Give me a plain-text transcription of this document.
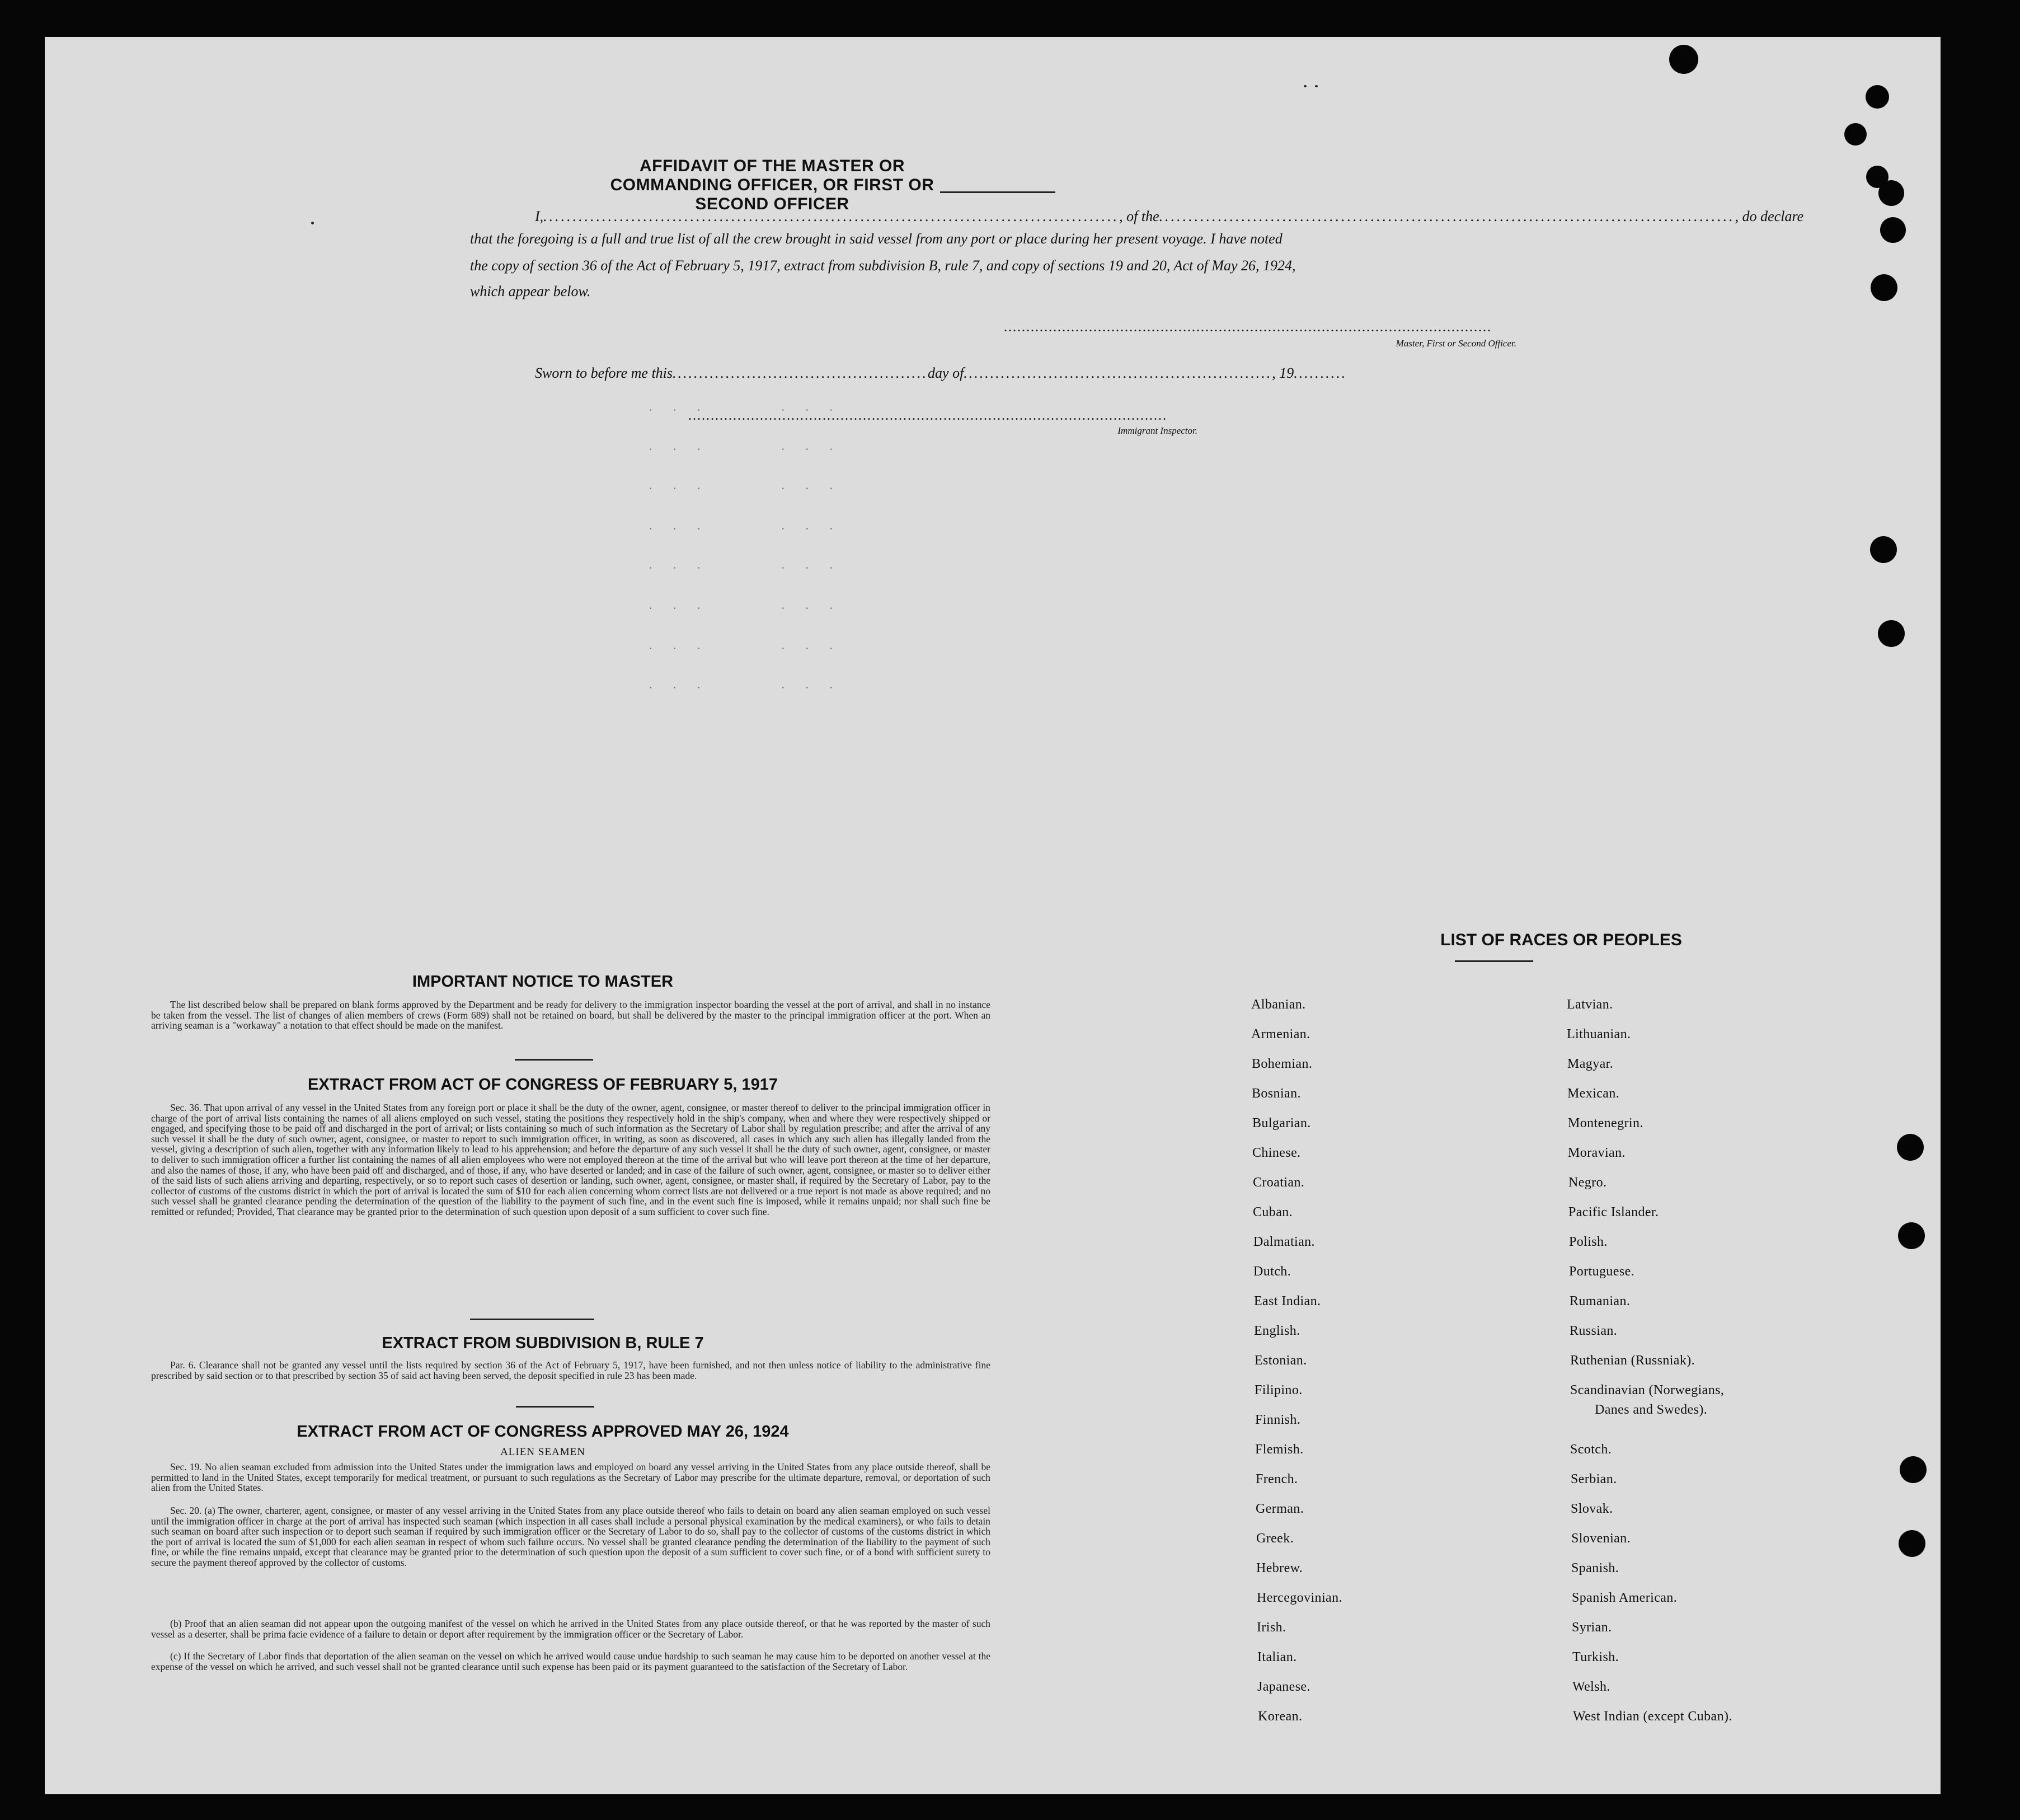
AFFIDAVIT OF THE MASTER OR COMMANDING OFFICER, OR FIRST OR SECOND OFFICER
I, .................................................................................................. , of the .................................................................................................. , do declare
that the foregoing is a full and true list of all the crew brought in said vessel from any port or place during her present voyage. I have noted
the copy of section 36 of the Act of February 5, 1917, extract from subdivision B, rule 7, and copy of sections 19 and 20, Act of May 26, 1924,
which appear below.
.............................................................................................................
Master, First or Second Officer.
Sworn to before me this ................................................ day of .......................................................... , 19 ..........
...........................................................................................................
Immigrant Inspector.
. . .      . . .
. . .      . . .
. . .      . . .
. . .      . . .
. . .      . . .
. . .      . . .
. . .      . . .
. . .      . . .
IMPORTANT NOTICE TO MASTER
The list described below shall be prepared on blank forms approved by the Department and be ready for delivery to the immigration inspector boarding the vessel at the port of arrival, and shall in no instance be taken from the vessel. The list of changes of alien members of crews (Form 689) shall not be retained on board, but shall be delivered by the master to the principal immigration officer at the port. When an arriving seaman is a "workaway" a notation to that effect should be made on the manifest.
EXTRACT FROM ACT OF CONGRESS OF FEBRUARY 5, 1917
Sec. 36. That upon arrival of any vessel in the United States from any foreign port or place it shall be the duty of the owner, agent, consignee, or master thereof to deliver to the principal immigration officer in charge of the port of arrival lists containing the names of all aliens employed on such vessel, stating the positions they respectively hold in the ship's company, when and where they were respectively shipped or engaged, and specifying those to be paid off and discharged in the port of arrival; or lists containing so much of such information as the Secretary of Labor shall by regulation prescribe; and after the arrival of any such vessel it shall be the duty of such owner, agent, consignee, or master to report to such immigration officer, in writing, as soon as discovered, all cases in which any such alien has illegally landed from the vessel, giving a description of such alien, together with any information likely to lead to his apprehension; and before the departure of any such vessel it shall be the duty of such owner, agent, consignee, or master to deliver to such immigration officer a further list containing the names of all alien employees who were not employed thereon at the time of the arrival but who will leave port thereon at the time of her departure, and also the names of those, if any, who have been paid off and discharged, and of those, if any, who have deserted or landed; and in case of the failure of such owner, agent, consignee, or master so to deliver either of the said lists of such aliens arriving and departing, respectively, or so to report such cases of desertion or landing, such owner, agent, consignee, or master shall, if required by the Secretary of Labor, pay to the collector of customs of the customs district in which the port of arrival is located the sum of $10 for each alien concerning whom correct lists are not delivered or a true report is not made as above required; and no such vessel shall be granted clearance pending the determination of the question of the liability to the payment of such fine, and in the event such fine is imposed, while it remains unpaid; nor shall such fine be remitted or refunded; Provided, That clearance may be granted prior to the determination of such question upon deposit of a sum sufficient to cover such fine.
EXTRACT FROM SUBDIVISION B, RULE 7
Par. 6. Clearance shall not be granted any vessel until the lists required by section 36 of the Act of February 5, 1917, have been furnished, and not then unless notice of liability to the administrative fine prescribed by said section or to that prescribed by section 35 of said act having been served, the deposit specified in rule 23 has been made.
EXTRACT FROM ACT OF CONGRESS APPROVED MAY 26, 1924
ALIEN SEAMEN
Sec. 19. No alien seaman excluded from admission into the United States under the immigration laws and employed on board any vessel arriving in the United States from any place outside thereof, shall be permitted to land in the United States, except temporarily for medical treatment, or pursuant to such regulations as the Secretary of Labor may prescribe for the ultimate departure, removal, or deportation of such alien from the United States.
Sec. 20. (a) The owner, charterer, agent, consignee, or master of any vessel arriving in the United States from any place outside thereof who fails to detain on board any alien seaman employed on such vessel until the immigration officer in charge at the port of arrival has inspected such seaman (which inspection in all cases shall include a personal physical examination by the medical examiners), or who fails to detain such seaman on board after such inspection or to deport such seaman if required by such immigration officer or the Secretary of Labor to do so, shall pay to the collector of customs of the customs district in which the port of arrival is located the sum of $1,000 for each alien seaman in respect of whom such failure occurs. No vessel shall be granted clearance pending the determination of the liability to the payment of such fine, or while the fine remains unpaid, except that clearance may be granted prior to the determination of such question upon the deposit of a sum sufficient to cover such fine, or of a bond with sufficient surety to secure the payment thereof approved by the collector of customs.
(b) Proof that an alien seaman did not appear upon the outgoing manifest of the vessel on which he arrived in the United States from any place outside thereof, or that he was reported by the master of such vessel as a deserter, shall be prima facie evidence of a failure to detain or deport after requirement by the immigration officer or the Secretary of Labor.
(c) If the Secretary of Labor finds that deportation of the alien seaman on the vessel on which he arrived would cause undue hardship to such seaman he may cause him to be deported on another vessel at the expense of the vessel on which he arrived, and such vessel shall not be granted clearance until such expense has been paid or its payment guaranteed to the satisfaction of the Secretary of Labor.
LIST OF RACES OR PEOPLES
Albanian.
Armenian.
Bohemian.
Bosnian.
Bulgarian.
Chinese.
Croatian.
Cuban.
Dalmatian.
Dutch.
East Indian.
English.
Estonian.
Filipino.
Finnish.
Flemish.
French.
German.
Greek.
Hebrew.
Hercegovinian.
Irish.
Italian.
Japanese.
Korean.
Latvian.
Lithuanian.
Magyar.
Mexican.
Montenegrin.
Moravian.
Negro.
Pacific Islander.
Polish.
Portuguese.
Rumanian.
Russian.
Ruthenian (Russniak).
Scandinavian (Norwegians,
Danes and Swedes).
Scotch.
Serbian.
Slovak.
Slovenian.
Spanish.
Spanish American.
Syrian.
Turkish.
Welsh.
West Indian (except Cuban).
